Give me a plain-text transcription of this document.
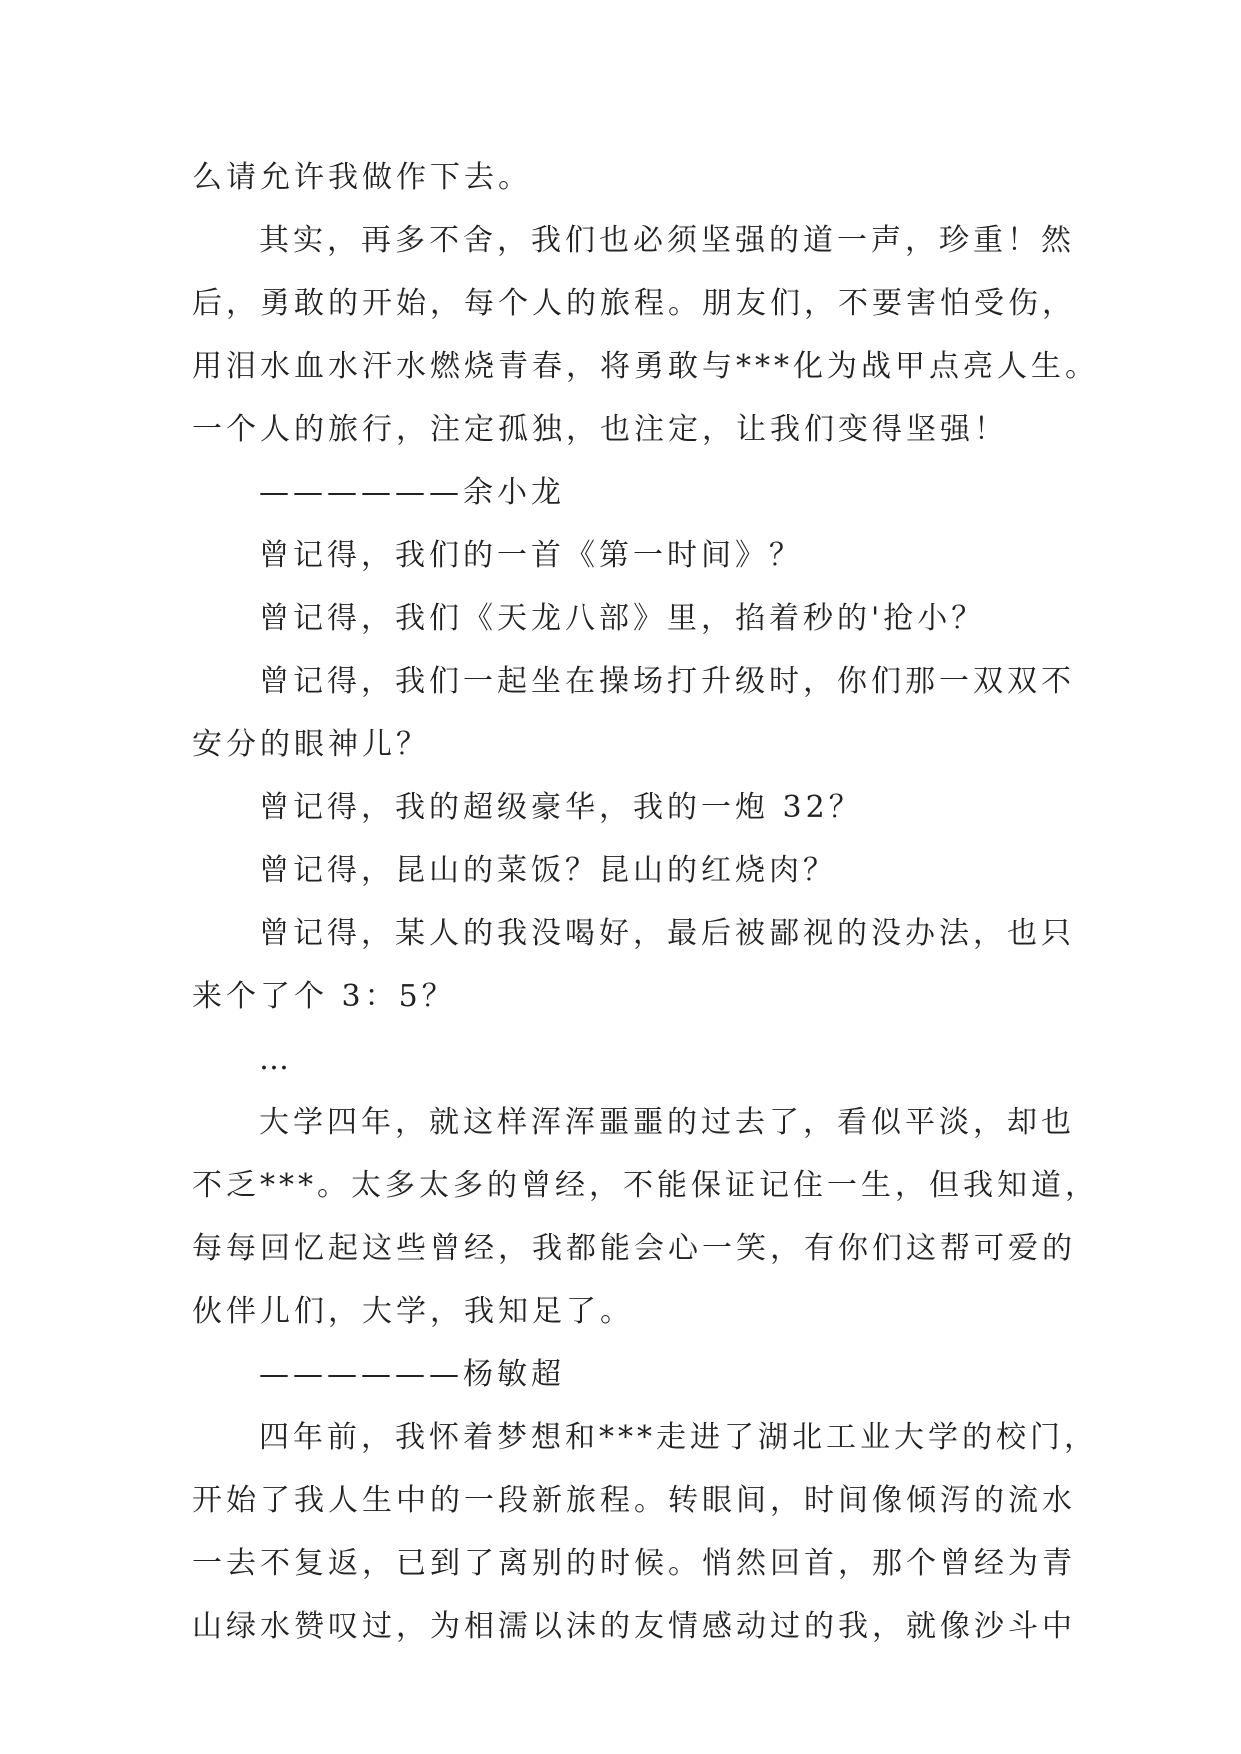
么请允许我做作下去。
其实，再多不舍，我们也必须坚强的道一声，珍重！然
后，勇敢的开始，每个人的旅程。朋友们，不要害怕受伤，
用泪水血水汗水燃烧青春，将勇敢与***化为战甲点亮人生。
一个人的旅行，注定孤独，也注定，让我们变得坚强！
——————余小龙
曾记得，我们的一首《第一时间》？
曾记得，我们《天龙八部》里，掐着秒的'抢小？
曾记得，我们一起坐在操场打升级时，你们那一双双不
安分的眼神儿？
曾记得，我的超级豪华，我的一炮 32？
曾记得，昆山的菜饭？昆山的红烧肉？
曾记得，某人的我没喝好，最后被鄙视的没办法，也只
来个了个 3：5？
…
大学四年，就这样浑浑噩噩的过去了，看似平淡，却也
不乏***。太多太多的曾经，不能保证记住一生，但我知道，
每每回忆起这些曾经，我都能会心一笑，有你们这帮可爱的
伙伴儿们，大学，我知足了。
——————杨敏超
四年前，我怀着梦想和***走进了湖北工业大学的校门，
开始了我人生中的一段新旅程。转眼间，时间像倾泻的流水
一去不复返，已到了离别的时候。悄然回首，那个曾经为青
山绿水赞叹过，为相濡以沫的友情感动过的我，就像沙斗中
